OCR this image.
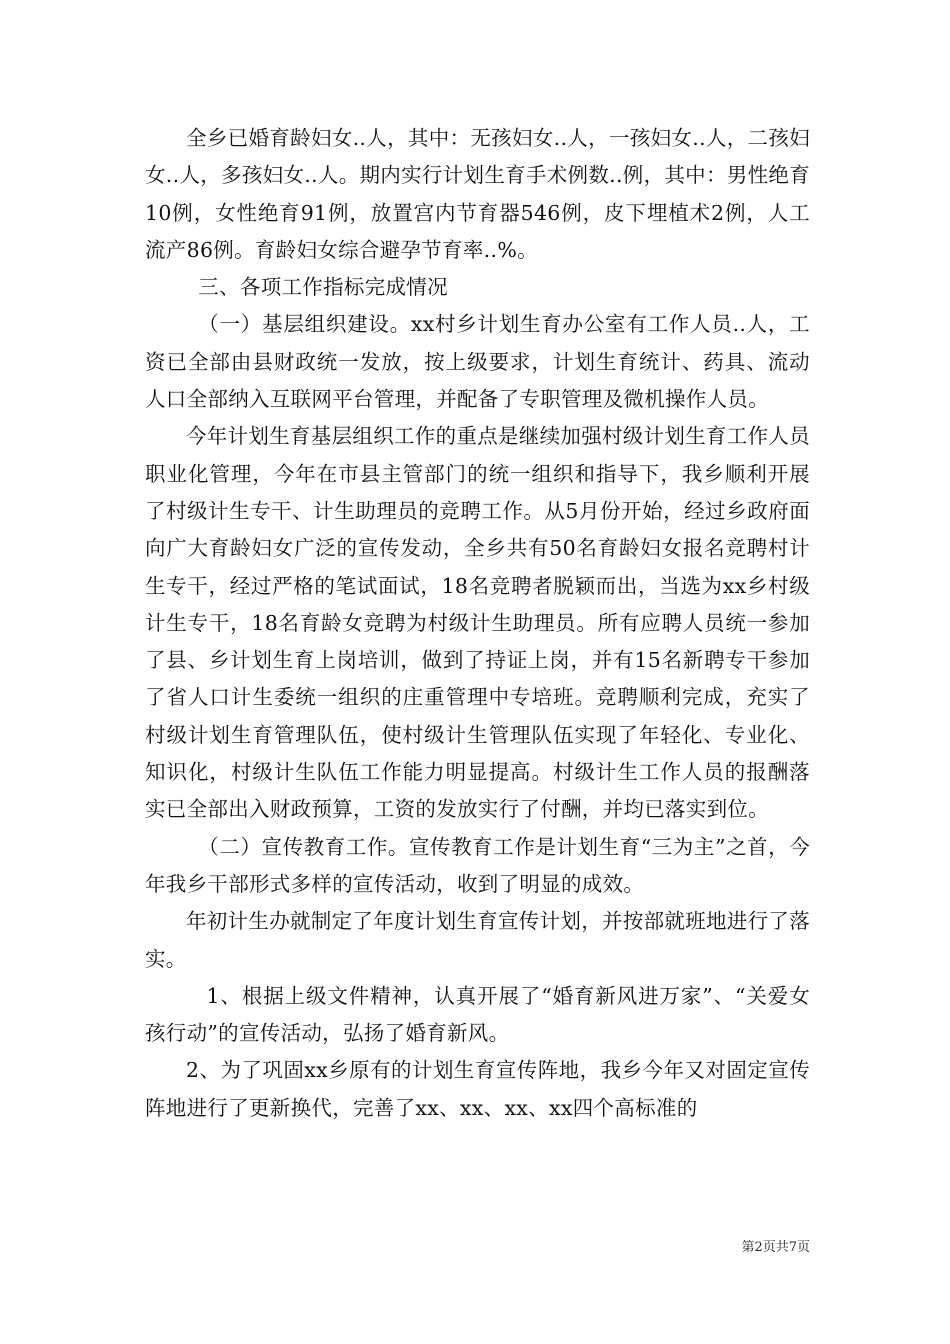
全乡已婚育龄妇女..人，其中：无孩妇女..人，一孩妇女..人，二孩妇女..人，多孩妇女..人。期内实行计划生育手术例数..例，其中：男性绝育10例，女性绝育91例，放置宫内节育器546例，皮下埋植术2例，人工流产86例。育龄妇女综合避孕节育率..%。

三、各项工作指标完成情况

（一）基层组织建设。xx村乡计划生育办公室有工作人员..人，工资已全部由县财政统一发放，按上级要求，计划生育统计、药具、流动人口全部纳入互联网平台管理，并配备了专职管理及微机操作人员。

今年计划生育基层组织工作的重点是继续加强村级计划生育工作人员职业化管理，今年在市县主管部门的统一组织和指导下，我乡顺利开展了村级计生专干、计生助理员的竞聘工作。从5月份开始，经过乡政府面向广大育龄妇女广泛的宣传发动，全乡共有50名育龄妇女报名竞聘村计生专干，经过严格的笔试面试，18名竞聘者脱颖而出，当选为xx乡村级计生专干，18名育龄女竞聘为村级计生助理员。所有应聘人员统一参加了县、乡计划生育上岗培训，做到了持证上岗，并有15名新聘专干参加了省人口计生委统一组织的庄重管理中专培班。竞聘顺利完成，充实了村级计划生育管理队伍，使村级计生管理队伍实现了年轻化、专业化、知识化，村级计生队伍工作能力明显提高。村级计生工作人员的报酬落实已全部出入财政预算，工资的发放实行了付酬，并均已落实到位。

（二）宣传教育工作。宣传教育工作是计划生育“三为主”之首，今年我乡干部形式多样的宣传活动，收到了明显的成效。

年初计生办就制定了年度计划生育宣传计划，并按部就班地进行了落实。

1、根据上级文件精神，认真开展了“婚育新风进万家”、“关爱女孩行动”的宣传活动，弘扬了婚育新风。

2、为了巩固xx乡原有的计划生育宣传阵地，我乡今年又对固定宣传阵地进行了更新换代，完善了xx、xx、xx、xx四个高标准的

第2页共7页
